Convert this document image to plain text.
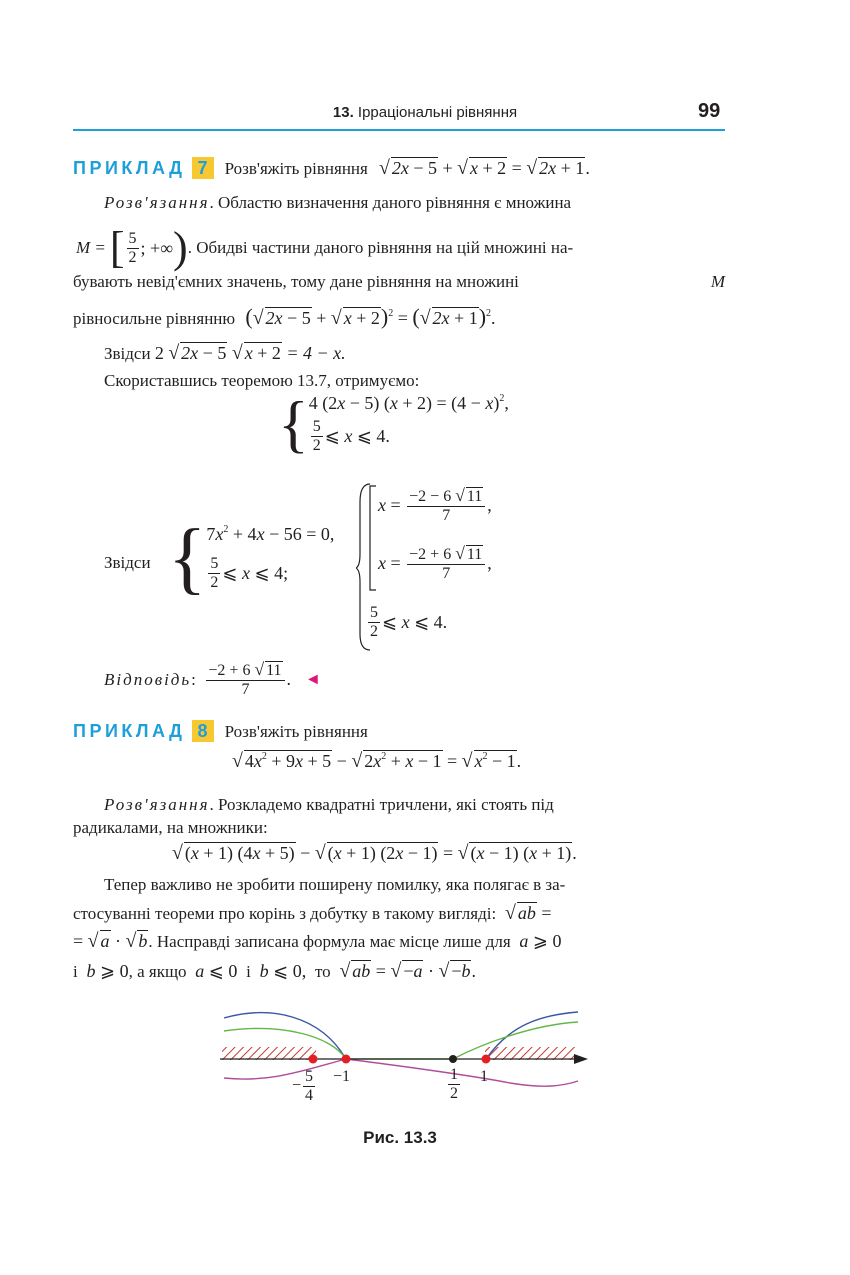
13. Ірраціональні рівняння	99
ПРИКЛАД 7 Розв'яжіть рівняння √ 2x − 5 + √ x + 2 = √ 2x + 1.
Розв'язання. Областю визначення даного рівняння є множина
M = [ $\frac{5}{2}$ ; +∞ ) . Обидві частини даного рівняння на цій множині на-
бувають невід'ємних значень, тому дане рівняння на множині	M
рівносильне рівнянню (√ 2x − 5 + √ x + 2)$^2$ = (√ 2x + 1)$^2$.
Звідси 2 √ 2x − 5 √ x + 2 = 4 − x.
Скориставшись теоремою 13.7, отримуємо:
{ 4 (2x − 5) $(x + 2) = (4 - x)^2$,
$\frac{5}{2}$ ⩽ x ⩽ 4.
Звідси { $7x^2 + 4x - 56 = 0$,
$\frac{5}{2}$ ⩽ x ⩽ 4;
$x = \frac{-2 - 6 √ 11}{7}$ ,
$x = \frac{-2 + 6 √ 11}{7}$ ,
$\frac{5}{2}$ ⩽ x ⩽ 4.
Відповідь : $\frac{-2 + 6 √ 11}{7}$ . ◄
ПРИКЛАД 8 Розв'яжіть рівняння
√ $4x^2 + 9x + 5$ − √ $2x^2 + x - 1$ = √ $x^2 - 1$.
Розв'язання. Розкладемо квадратні тричлени, які стоять під
радикалами, на множники:
√ (x + 1) (4x + 5) − √ (x + 1) (2x − 1) = √ (x − 1) (x + 1).
Тепер важливо не зробити поширену помилку, яка полягає в за-
стосуванні теореми про корінь з добутку в такому вигляді: √ ab =
= √ a · √ b. Насправді записана формула має місце лише для a ⩾ 0
і b ⩾ 0, а якщо a ⩽ 0  і b ⩽ 0,  то √ ab = √ −a · √ −b.
− $\frac{5}{4} -1$	$\frac{1}{2} 1$
Рис. 13.3
